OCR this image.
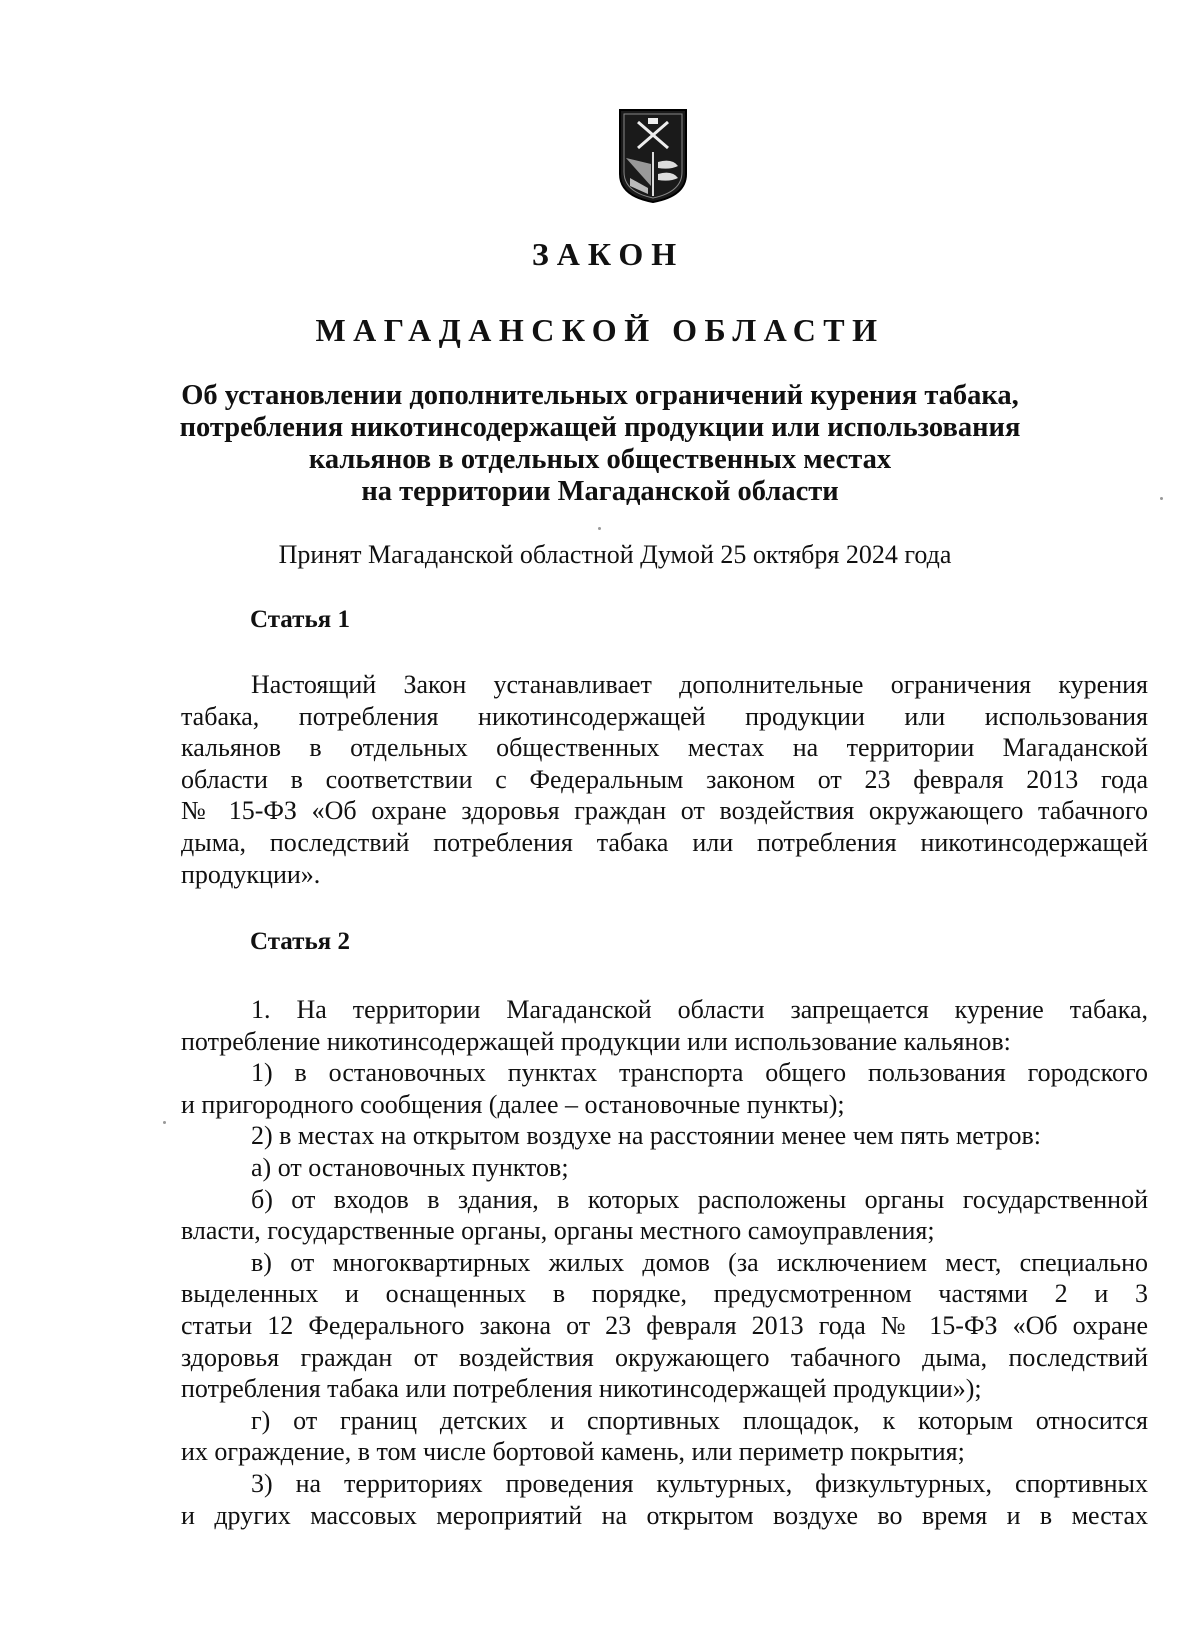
ЗАКОН
МАГАДАНСКОЙ ОБЛАСТИ
Об установлении дополнительных ограничений курения табака,
потребления никотинсодержащей продукции или использования
кальянов в отдельных общественных местах
на территории Магаданской области

Принят Магаданской областной Думой 25 октября 2024 года

Статья 1

Настоящий Закон устанавливает дополнительные ограничения курения
табака, потребления никотинсодержащей продукции или использования
кальянов в отдельных общественных местах на территории Магаданской
области в соответствии с Федеральным законом от 23 февраля 2013 года
№ 15-ФЗ «Об охране здоровья граждан от воздействия окружающего табачного
дыма, последствий потребления табака или потребления никотинсодержащей
продукции».

Статья 2

1. На территории Магаданской области запрещается курение табака,
потребление никотинсодержащей продукции или использование кальянов:

1) в остановочных пунктах транспорта общего пользования городского
и пригородного сообщения (далее – остановочные пункты);

2) в местах на открытом воздухе на расстоянии менее чем пять метров:

а) от остановочных пунктов;

б) от входов в здания, в которых расположены органы государственной
власти, государственные органы, органы местного самоуправления;

в) от многоквартирных жилых домов (за исключением мест, специально
выделенных и оснащенных в порядке, предусмотренном частями 2 и 3
статьи 12 Федерального закона от 23 февраля 2013 года № 15-ФЗ «Об охране
здоровья граждан от воздействия окружающего табачного дыма, последствий
потребления табака или потребления никотинсодержащей продукции»);

г) от границ детских и спортивных площадок, к которым относится
их ограждение, в том числе бортовой камень, или периметр покрытия;

3) на территориях проведения культурных, физкультурных, спортивных
и других массовых мероприятий на открытом воздухе во время и в местах
